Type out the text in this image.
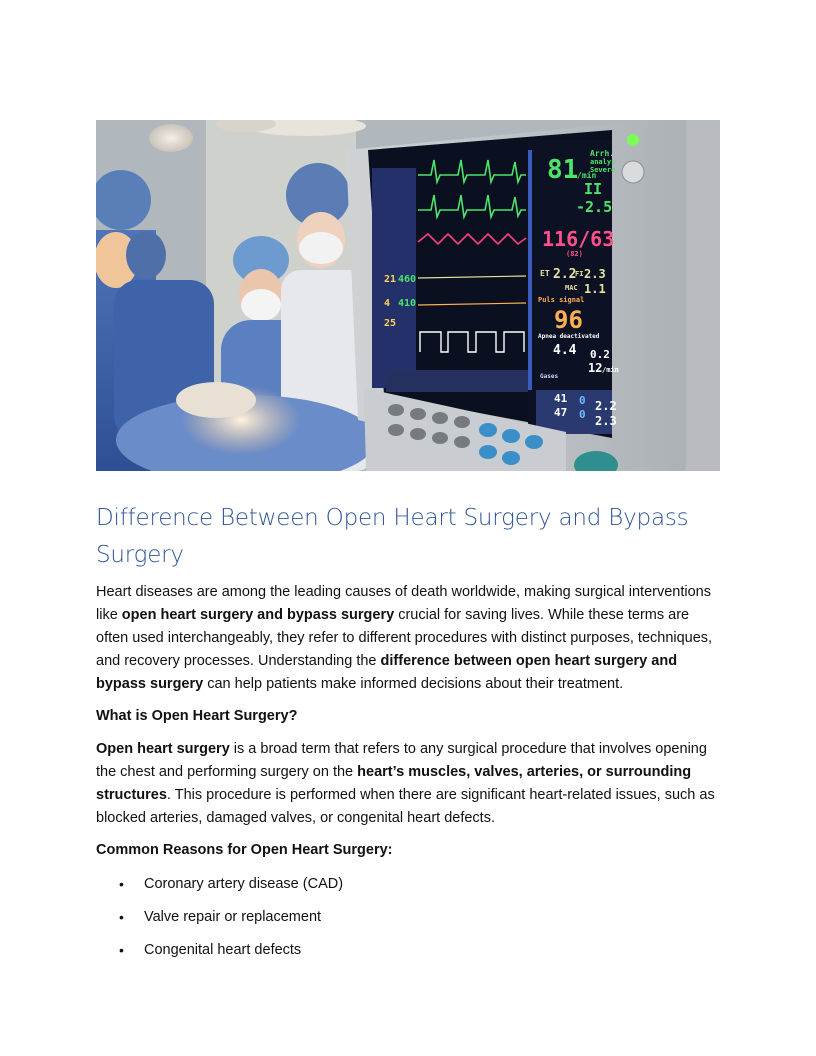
81
/min
Arrh.
analys
Severe
II
-2.5
116/63
(82)
ET 2.2
FI 2.3
MAC 1.1
Puls signal
96
Apnea deactivated
4.4 0.2
12 /min
Gases
41 0 2.2
47 0 2.3
21 460
4 410
25
Difference Between Open Heart Surgery and Bypass Surgery

Heart diseases are among the leading causes of death worldwide, making surgical interventions like open heart surgery and bypass surgery crucial for saving lives. While these terms are often used interchangeably, they refer to different procedures with distinct purposes, techniques, and recovery processes. Understanding the difference between open heart surgery and bypass surgery can help patients make informed decisions about their treatment.

What is Open Heart Surgery?

Open heart surgery is a broad term that refers to any surgical procedure that involves opening the chest and performing surgery on the heart’s muscles, valves, arteries, or surrounding structures. This procedure is performed when there are significant heart-related issues, such as blocked arteries, damaged valves, or congenital heart defects.

Common Reasons for Open Heart Surgery:
• Coronary artery disease (CAD)
• Valve repair or replacement
• Congenital heart defects
